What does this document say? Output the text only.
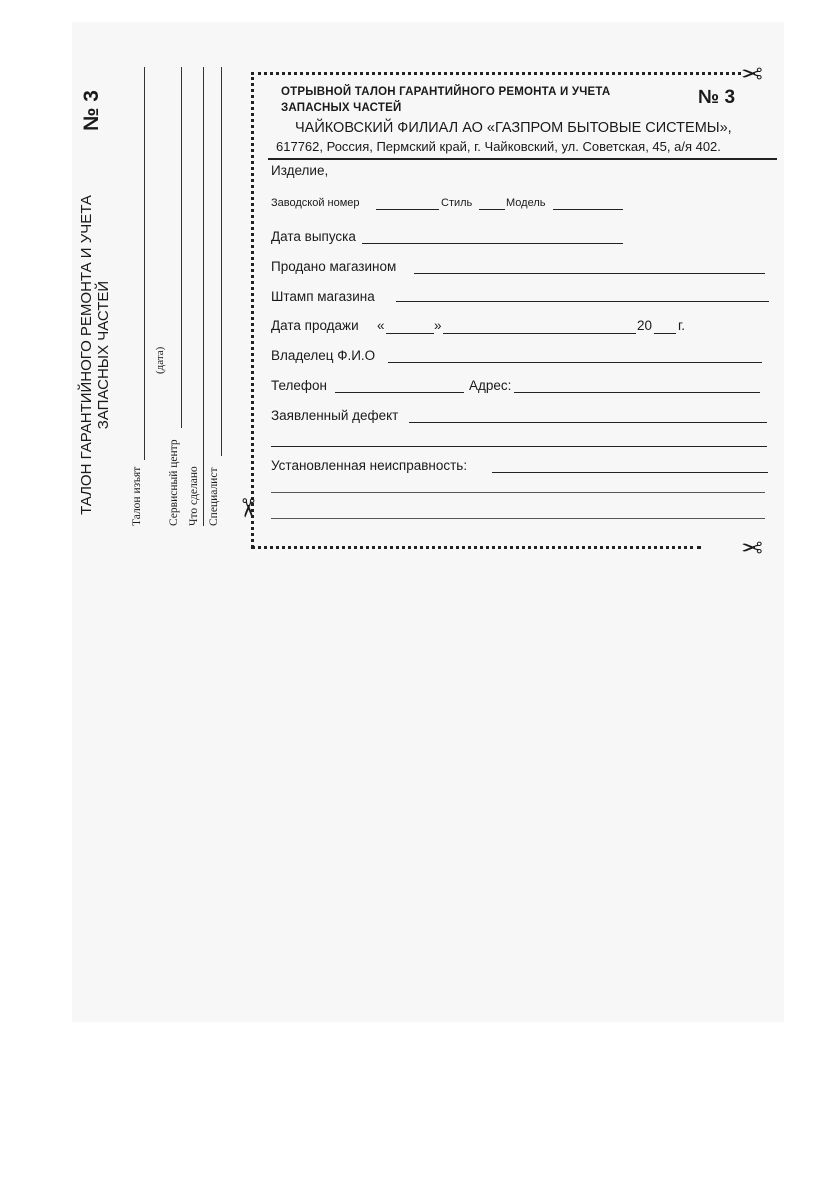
№ 3
ТАЛОН ГАРАНТИЙНОГО РЕМОНТА И УЧЕТА ЗАПАСНЫХ ЧАСТЕЙ
Талон изъят
(дата)
Сервисный центр Что сделано Специалист
✂
✂
✂
ОТРЫВНОЙ ТАЛОН ГАРАНТИЙНОГО РЕМОНТА И УЧЕТА
ЗАПАСНЫХ ЧАСТЕЙ	№ 3
ЧАЙКОВСКИЙ ФИЛИАЛ АО «ГАЗПРОМ БЫТОВЫЕ СИСТЕМЫ»,
617762, Россия, Пермский край, г. Чайковский, ул. Советская, 45, а/я 402.
Изделие,
Заводской номер	Стиль	Модель
Дата выпуска
Продано магазином
Штамп магазина
Дата продажи «	»	20 г.
Владелец Ф.И.О
Телефон	Адрес:
Заявленный дефект
Установленная неисправность:
